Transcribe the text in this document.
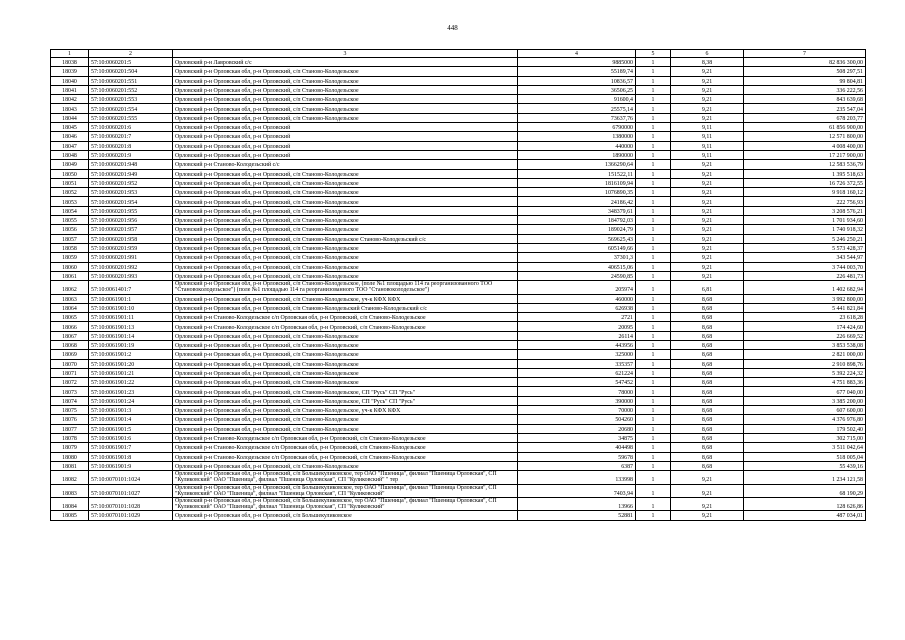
448
1	2	3	4	5	6	7
18038	57:10:0060201:5	Орловский р-н Лавровский с/с	9885000	1	8,38	82 836 300,00
18039	57:10:0060201:504	Орловский р-н Орловская обл, р-н Орловский, с/п Станово-Колодезьское	55189,74	1	9,21	508 297,51
18040	57:10:0060201:551	Орловский р-н Орловская обл, р-н Орловский, с/п Станово-Колодезьское	10836,57	1	9,21	99 804,81
18041	57:10:0060201:552	Орловский р-н Орловская обл, р-н Орловский, с/п Станово-Колодезьское	36506,25	1	9,21	336 222,56
18042	57:10:0060201:553	Орловский р-н Орловская обл, р-н Орловский, с/п Станово-Колодезьское	91600,4	1	9,21	843 639,68
18043	57:10:0060201:554	Орловский р-н Орловская обл, р-н Орловский, с/п Станово-Колодезьское	25575,14	1	9,21	235 547,04
18044	57:10:0060201:555	Орловский р-н Орловская обл, р-н Орловский, с/п Станово-Колодезьское	73637,76	1	9,21	678 203,77
18045	57:10:0060201:6	Орловский р-н Орловская обл, р-н Орловский	6790000	1	9,11	61 856 900,00
18046	57:10:0060201:7	Орловский р-н Орловская обл, р-н Орловский	1380000	1	9,11	12 571 800,00
18047	57:10:0060201:8	Орловский р-н Орловская обл, р-н Орловский	440000	1	9,11	4 008 400,00
18048	57:10:0060201:9	Орловский р-н Орловская обл, р-н Орловский	1890000	1	9,11	17 217 900,00
18049	57:10:0060201:948	Орловский р-н Станово-Колодезьский с/с	1366290,64	1	9,21	12 583 536,79
18050	57:10:0060201:949	Орловский р-н Орловская обл, р-н Орловский, с/п Станово-Колодезьское	151522,11	1	9,21	1 395 518,63
18051	57:10:0060201:952	Орловский р-н Орловская обл, р-н Орловский, с/п Станово-Колодезьское	1816109,94	1	9,21	16 726 372,55
18052	57:10:0060201:953	Орловский р-н Орловская обл, р-н Орловский, с/п Станово-Колодезьское	1076890,35	1	9,21	9 918 160,12
18053	57:10:0060201:954	Орловский р-н Орловская обл, р-н Орловский, с/п Станово-Колодезьское	24186,42	1	9,21	222 756,93
18054	57:10:0060201:955	Орловский р-н Орловская обл, р-н Орловский, с/п Станово-Колодезьское	348379,61	1	9,21	3 208 576,21
18055	57:10:0060201:956	Орловский р-н Орловская обл, р-н Орловский, с/п Станово-Колодезьское	184792,03	1	9,21	1 701 934,60
18056	57:10:0060201:957	Орловский р-н Орловская обл, р-н Орловский, с/п Станово-Колодезьское	189024,79	1	9,21	1 740 918,32
18057	57:10:0060201:958	Орловский р-н Орловская обл, р-н Орловский, с/п Станово-Колодезьское Станово-Колодезьский с/с	569625,43	1	9,21	5 246 250,21
18058	57:10:0060201:959	Орловский р-н Орловская обл, р-н Орловский, с/п Станово-Колодезьское	605149,66	1	9,21	5 573 428,37
18059	57:10:0060201:991	Орловский р-н Орловская обл, р-н Орловский, с/п Станово-Колодезьское	37301,3	1	9,21	343 544,97
18060	57:10:0060201:992	Орловский р-н Орловская обл, р-н Орловский, с/п Станово-Колодезьское	406515,06	1	9,21	3 744 003,70
18061	57:10:0060201:993	Орловский р-н Орловская обл, р-н Орловский, с/п Станово-Колодезьское	24590,85	1	9,21	226 481,73
18062	57:10:0061401:7	Орловский р-н Орловская обл, р-н Орловский, с/п Станово-Колодезьское, (поле №1 площадью 114 га реорганизованного ТОО "Становоколодезьское") (поле №1 площадью 114 га реорганизованного ТОО "Становоколодезьское")	205974	1	6,81	1 402 682,94
18063	57:10:0061901:1	Орловский р-н Орловская обл, р-н Орловский, с/п Станово-Колодезьское, уч-к КФХ КФХ	460000	1	8,68	3 992 800,00
18064	57:10:0061901:10	Орловский р-н Орловская обл, р-н Орловский, с/п Станово-Колодезьский Станово-Колодезьский с/с	626938	1	8,68	5 441 821,84
18065	57:10:0061901:11	Орловский р-н Станово-Колодезьское с/п Орловская обл, р-н Орловский, с/п Станово-Колодезьское	2721	1	8,68	23 618,28
18066	57:10:0061901:13	Орловский р-н Станово-Колодезьское с/п Орловская обл, р-н Орловский, с/п Станово-Колодезьское	20095	1	8,68	174 424,60
18067	57:10:0061901:14	Орловский р-н Орловская обл, р-н Орловский, с/п Станово-Колодезьское	26114	1	8,68	226 669,52
18068	57:10:0061901:19	Орловский р-н Орловская обл, р-н Орловский, с/п Станово-Колодезьское	443956	1	8,68	3 853 538,08
18069	57:10:0061901:2	Орловский р-н Орловская обл, р-н Орловский, с/п Станово-Колодезьское	325000	1	8,68	2 821 000,00
18070	57:10:0061901:20	Орловский р-н Орловская обл, р-н Орловский, с/п Станово-Колодезьское	335357	1	8,68	2 910 898,76
18071	57:10:0061901:21	Орловский р-н Орловская обл, р-н Орловский, с/п Станово-Колодезьское	621224	1	8,68	5 392 224,32
18072	57:10:0061901:22	Орловский р-н Орловская обл, р-н Орловский, с/п Станово-Колодезьское	547452	1	8,68	4 751 883,36
18073	57:10:0061901:23	Орловский р-н Орловская обл, р-н Орловский, с/п Станово-Колодезьское, СП "Русь" СП "Русь"	78000	1	8,68	677 040,00
18074	57:10:0061901:24	Орловский р-н Орловская обл, р-н Орловский, с/п Станово-Колодезьское, СП "Русь" СП "Русь"	390000	1	8,68	3 385 200,00
18075	57:10:0061901:3	Орловский р-н Орловская обл, р-н Орловский, с/п Станово-Колодезьское, уч-к КФХ КФХ	70000	1	8,68	607 600,00
18076	57:10:0061901:4	Орловский р-н Орловская обл, р-н Орловский, с/п Станово-Колодезьское	504260	1	8,68	4 376 976,80
18077	57:10:0061901:5	Орловский р-н Орловская обл, р-н Орловский, с/п Станово-Колодезьское	20680	1	8,68	179 502,40
18078	57:10:0061901:6	Орловский р-н Станово-Колодезьское с/п Орловская обл, р-н Орловский, с/п Станово-Колодезьское	34875	1	8,68	302 715,00
18079	57:10:0061901:7	Орловский р-н Станово-Колодезьское с/п Орловская обл, р-н Орловский, с/п Станово-Колодезьское	404498	1	8,68	3 511 042,64
18080	57:10:0061901:8	Орловский р-н Станово-Колодезьское с/п Орловская обл, р-н Орловский, с/п Станово-Колодезьское	59678	1	8,68	518 005,04
18081	57:10:0061901:9	Орловский р-н Орловская обл, р-н Орловский, с/п Станово-Колодезьское	6387	1	8,68	55 439,16
18082	57:10:0070101:1024	Орловский р-н Орловская обл, р-н Орловский, с/п Большекуликовское, тер ОАО "Пшеница", филиал "Пшеница Орловская", СП "Куликовский" ОАО "Пшеница", филиал "Пшеница Орловская", СП "Куликовский" " тер	133998	1	9,21	1 234 121,58
18083	57:10:0070101:1027	Орловский р-н Орловская обл, р-н Орловский, с/п Большекуликовское, тер ОАО "Пшеница", филиал "Пшеница Орловская", СП "Куликовский" ОАО "Пшеница", филиал "Пшеница Орловская", СП "Куликовский"	7403,94	1	9,21	68 190,29
18084	57:10:0070101:1028	Орловский р-н Орловская обл, р-н Орловский, с/п Большекуликовское, тер ОАО "Пшеница", филиал "Пшеница Орловская", СП "Куликовский" ОАО "Пшеница", филиал "Пшеница Орловская", СП "Куликовский"	13966	1	9,21	128 626,86
18085	57:10:0070101:1029	Орловский р-н Орловская обл, р-н Орловский, с/п Большекуликовское	52881	1	9,21	487 034,01
